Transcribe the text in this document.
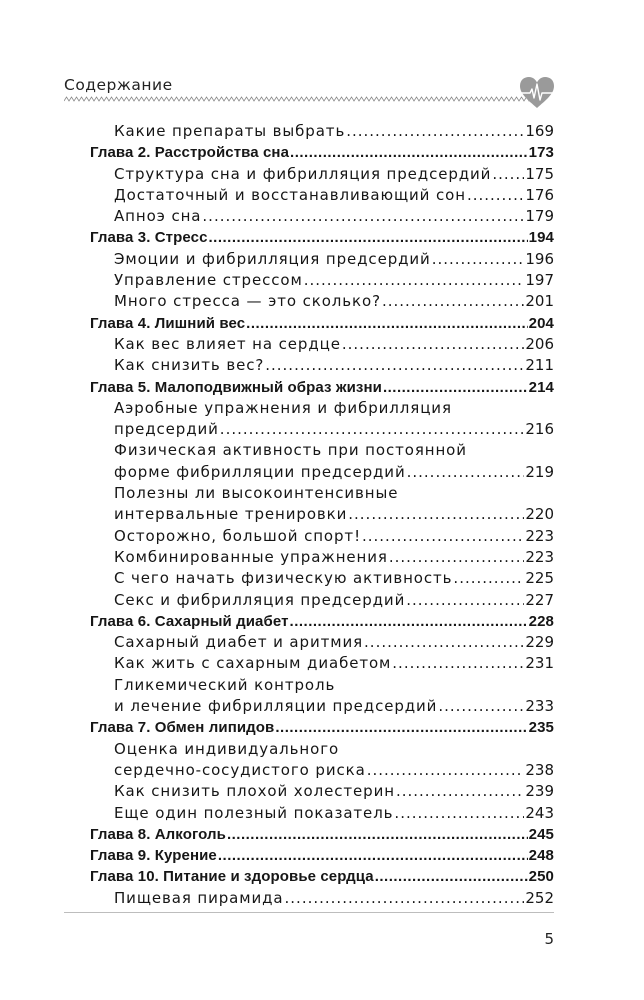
Содержание
Какие препараты выбрать .....	169
Глава 2. Расстройства сна .....	173
Структура сна и фибрилляция предсердий ..... 175
Достаточный и восстанавливающий сон .....	176
Апноэ сна .....	179
Глава 3. Стресс .....	194
Эмоции и фибрилляция предсердий .....	196
Управление стрессом .....	197
Много стресса — это сколько? .....	201
Глава 4. Лишний вес .....	204
Как вес влияет на сердце .....	206
Как снизить вес? .....	211
Глава 5. Малоподвижный образ жизни .....	214
Аэробные упражнения и фибрилляция
предсердий .....	216
Физическая активность при постоянной
форме фибрилляции предсердий .....	219
Полезны ли высокоинтенсивные
интервальные тренировки .....	220
Осторожно, большой спорт! .....	223
Комбинированные упражнения .....	223
С чего начать физическую активность .....	225
Секс и фибрилляция предсердий .....	227
Глава 6. Сахарный диабет .....	228
Сахарный диабет и аритмия .....	229
Как жить с сахарным диабетом .....	231
Гликемический контроль
и лечение фибрилляции предсердий .....	233
Глава 7. Обмен липидов .....	235
Оценка индивидуального
сердечно-сосудистого риска .....	238
Как снизить плохой холестерин .....	239
Еще один полезный показатель .....	243
Глава 8. Алкоголь .....	245
Глава 9. Курение .....	248
Глава 10. Питание и здоровье сердца .....	250
Пищевая пирамида .....	252
5
